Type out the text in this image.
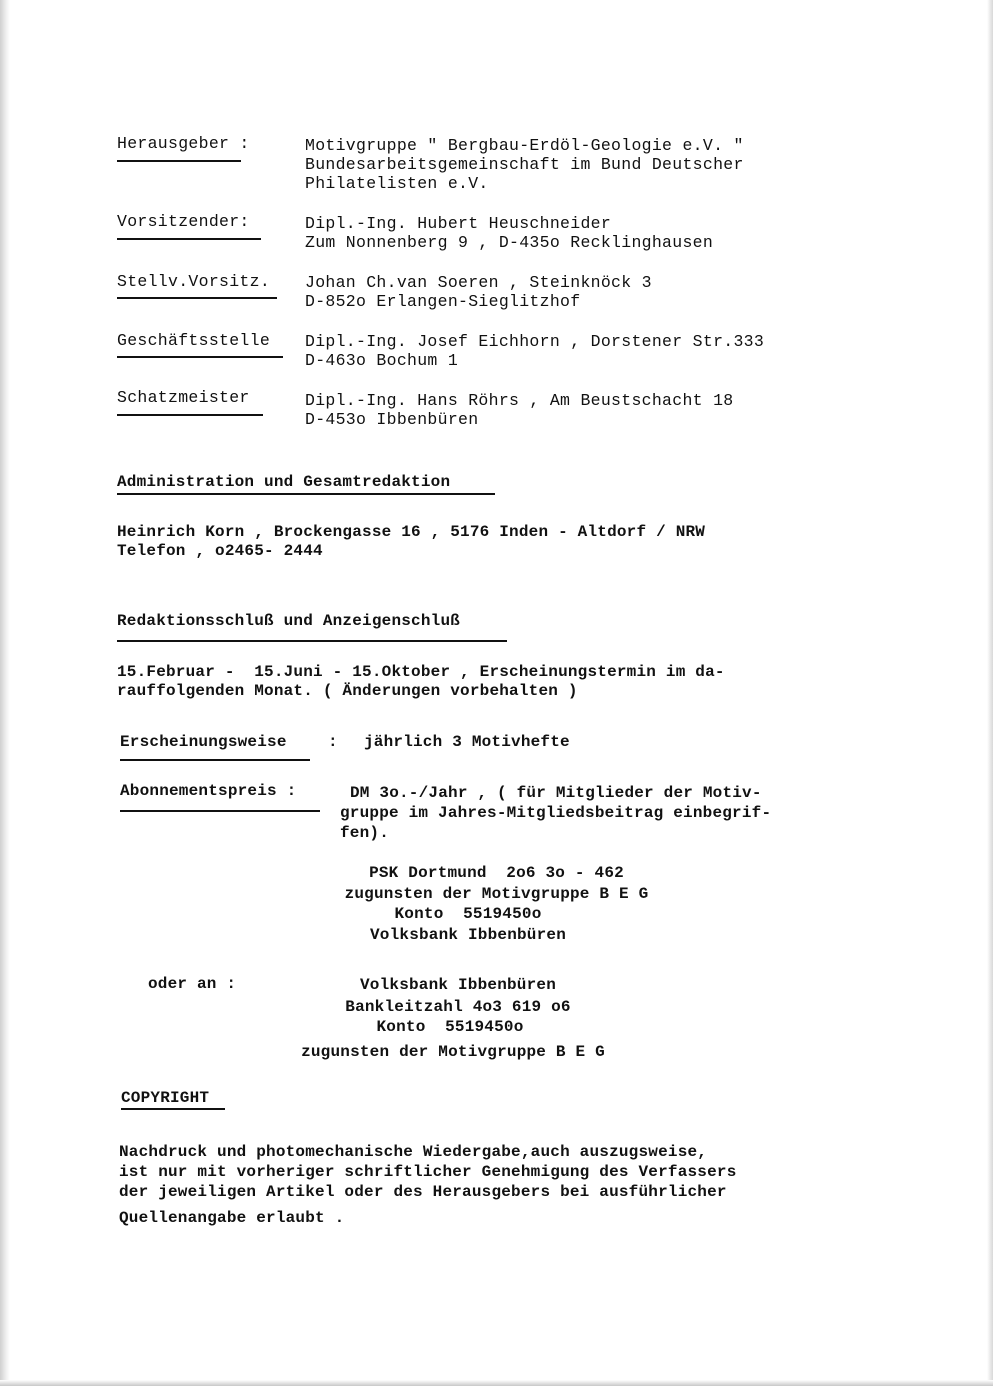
Herausgeber :	Motivgruppe " Bergbau-Erdöl-Geologie e.V. "
Bundesarbeitsgemeinschaft im Bund Deutscher
Philatelisten e.V.
Vorsitzender:	Dipl.-Ing. Hubert Heuschneider
Zum Nonnenberg 9 , D-435o Recklinghausen
Stellv.Vorsitz. Johan Ch.van Soeren , Steinknöck 3
D-852o Erlangen-Sieglitzhof
Geschäftsstelle Dipl.-Ing. Josef Eichhorn , Dorstener Str.333
D-463o Bochum 1
Schatzmeister	Dipl.-Ing. Hans Röhrs , Am Beustschacht 18
D-453o Ibbenbüren
Administration und Gesamtredaktion
Heinrich Korn , Brockengasse 16 , 5176 Inden - Altdorf / NRW
Telefon , o2465- 2444
Redaktionsschluß und Anzeigenschluß
15.Februar -  15.Juni - 15.Oktober , Erscheinungstermin im da-
rauffolgenden Monat. ( Änderungen vorbehalten )
Erscheinungsweise	: jährlich 3 Motivhefte
Abonnementspreis :	DM 3o.-/Jahr , ( für Mitglieder der Motiv-
gruppe im Jahres-Mitgliedsbeitrag einbegrif-
fen).
PSK Dortmund  2o6 3o - 462
zugunsten der Motivgruppe B E G
Konto  5519450o
Volksbank Ibbenbüren
oder an :	Volksbank Ibbenbüren
Bankleitzahl 4o3 619 o6
Konto  5519450o
zugunsten der Motivgruppe B E G
COPYRIGHT
Nachdruck und photomechanische Wiedergabe,auch auszugsweise,
ist nur mit vorheriger schriftlicher Genehmigung des Verfassers
der jeweiligen Artikel oder des Herausgebers bei ausführlicher
Quellenangabe erlaubt .
